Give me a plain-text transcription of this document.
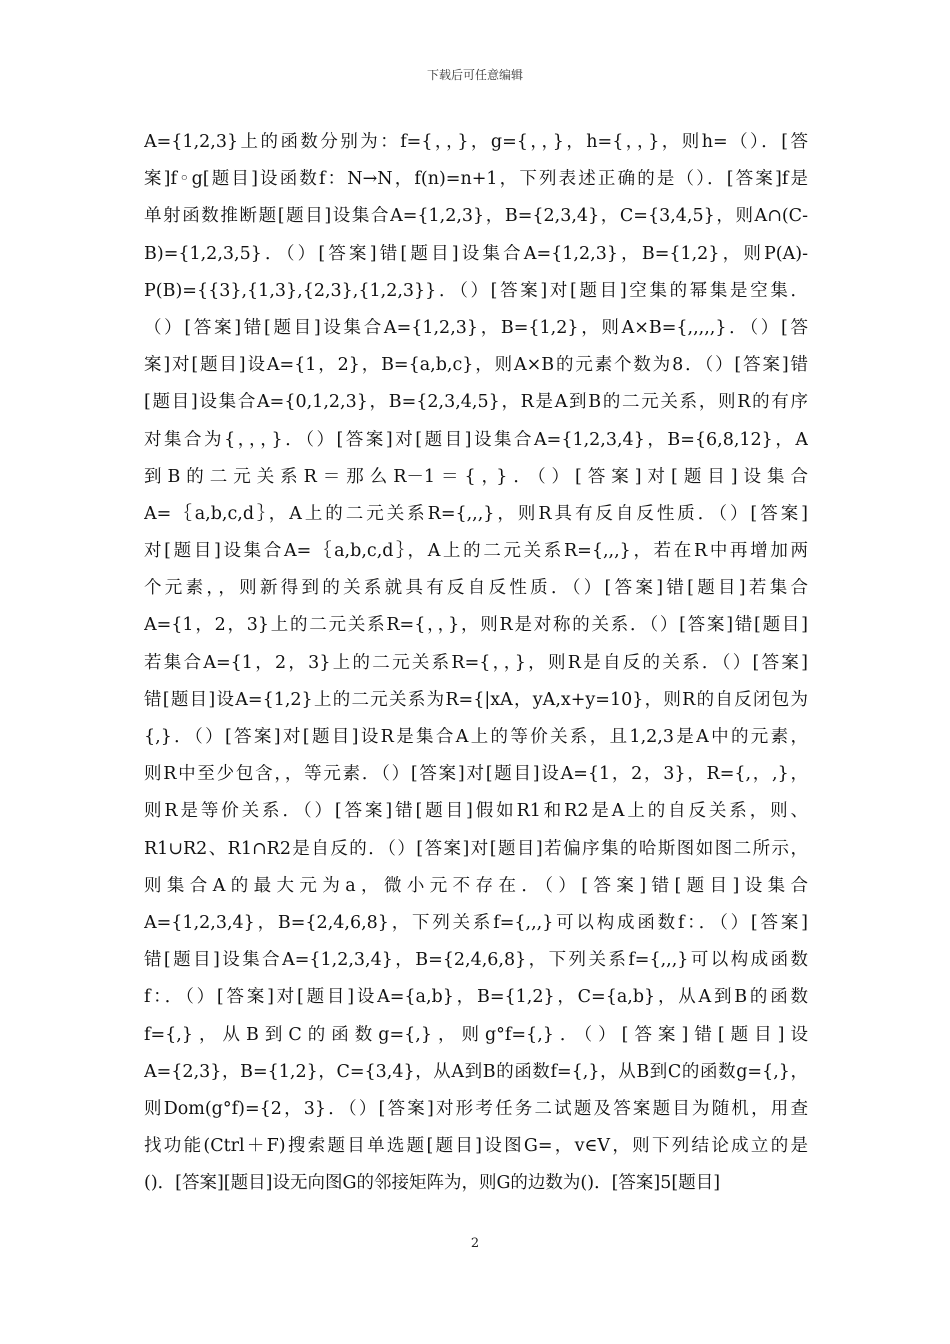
下载后可任意编辑
A={1,2,3}上的函数分别为：f={，，}，g={，，}，h={，，}，则h=（）．[答
案]f◦g[题目]设函数f：N→N，f(n)=n+1，下列表述正确的是（）．[答案]f是
单射函数推断题[题目]设集合A={1,2,3}，B={2,3,4}，C={3,4,5}，则A∩(C-
B)={1,2,3,5}．（）[答案]错[题目]设集合A={1,2,3}，B={1,2}，则P(A)-
P(B)={{3},{1,3},{2,3},{1,2,3}}．（）[答案]对[题目]空集的幂集是空集．
（）[答案]错[题目]设集合A={1,2,3}，B={1,2}，则A×B={,,,,,}．（）[答
案]对[题目]设A={1，2}，B={a,b,c}，则A×B的元素个数为8．（）[答案]错
[题目]设集合A={0,1,2,3}，B={2,3,4,5}，R是A到B的二元关系，则R的有序
对集合为{，，，}．（）[答案]对[题目]设集合A={1,2,3,4}，B={6,8,12}，A
到B的二元关系R＝那么R－1＝{，}．（）[答案]对[题目]设集合
A=｛a,b,c,d｝，A上的二元关系R={,,,}，则R具有反自反性质．（）[答案]
对[题目]设集合A=｛a,b,c,d｝，A上的二元关系R={,,,}，若在R中再增加两
个元素，，则新得到的关系就具有反自反性质．（）[答案]错[题目]若集合
A={1，2，3}上的二元关系R={，，}，则R是对称的关系．（）[答案]错[题目]
若集合A={1，2，3}上的二元关系R={，，}，则R是自反的关系．（）[答案]
错[题目]设A={1,2}上的二元关系为R={|xA，yA,x+y=10}，则R的自反闭包为
{,}．（）[答案]对[题目]设R是集合A上的等价关系，且1,2,3是A中的元素，
则R中至少包含，，等元素．（）[答案]对[题目]设A={1，2，3}，R={,，,}，
则R是等价关系．（）[答案]错[题目]假如R1和R2是A上的自反关系，则、
R1∪R2、R1∩R2是自反的．（）[答案]对[题目]若偏序集的哈斯图如图二所示，
则集合A的最大元为a，微小元不存在．（）[答案]错[题目]设集合
A={1,2,3,4}，B={2,4,6,8}，下列关系f={,,,}可以构成函数f：．（）[答案]
错[题目]设集合A={1,2,3,4}，B={2,4,6,8}，下列关系f={,,,}可以构成函数
f：．（）[答案]对[题目]设A={a,b}，B={1,2}，C={a,b}，从A到B的函数
f={,}，从B到C的函数g={,}，则g°f={,}．（）[答案]错[题目]设
A={2,3}，B={1,2}，C={3,4}，从A到B的函数f={,}，从B到C的函数g={,}，
则Dom(g°f)={2，3}．（）[答案]对形考任务二试题及答案题目为随机，用查
找功能(Ctrl＋F)搜索题目单选题[题目]设图G=，v∈V，则下列结论成立的是
()．[答案][题目]设无向图G的邻接矩阵为，则G的边数为()．[答案]5[题目]
2
